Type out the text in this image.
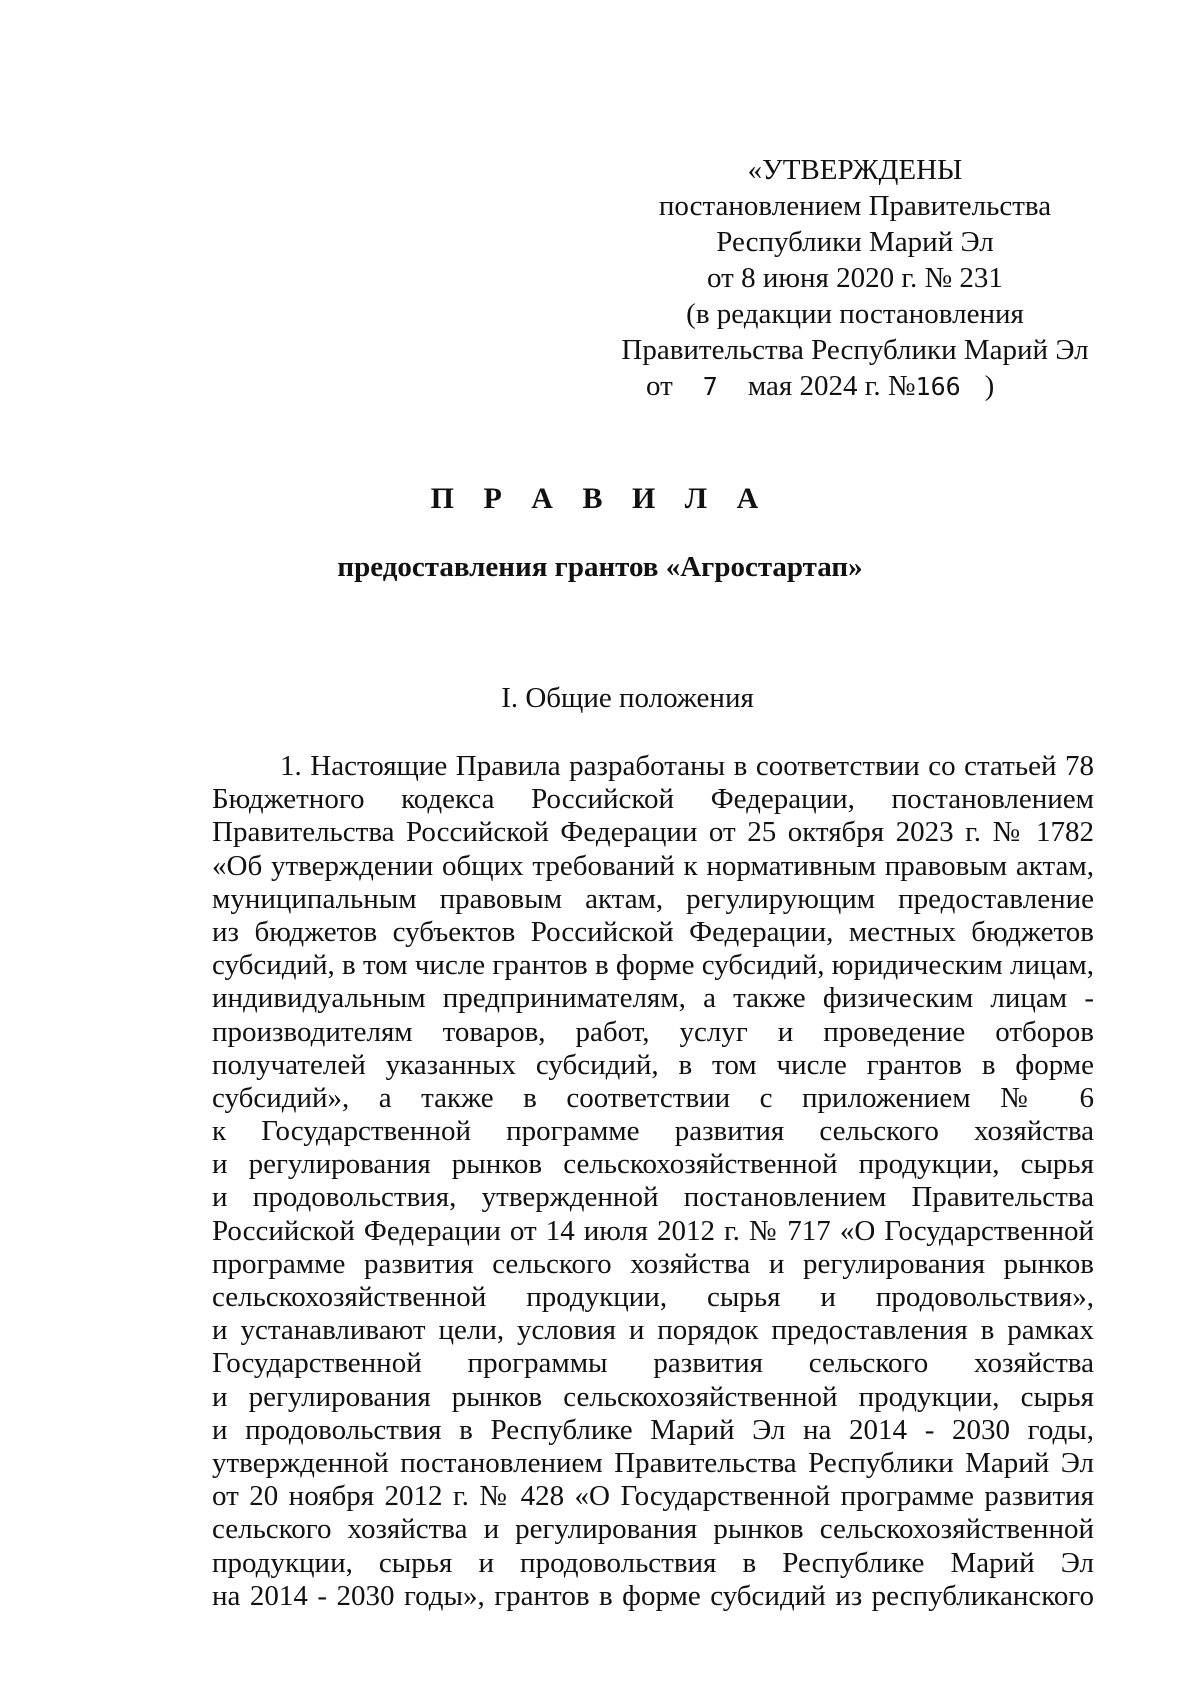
«УТВЕРЖДЕНЫ
постановлением Правительства
Республики Марий Эл
от 8 июня 2020 г. № 231
(в редакции постановления
Правительства Республики Марий Эл
от 7 мая 2024 г. №166 )
П Р А В И Л А
предоставления грантов «Агростартап»
I. Общие положения
1. Настоящие Правила разработаны в соответствии со статьей 78
Бюджетного кодекса Российской Федерации, постановлением
Правительства Российской Федерации от 25 октября 2023 г. № 1782
«Об утверждении общих требований к нормативным правовым актам,
муниципальным правовым актам, регулирующим предоставление
из бюджетов субъектов Российской Федерации, местных бюджетов
субсидий, в том числе грантов в форме субсидий, юридическим лицам,
индивидуальным предпринимателям, а также физическим лицам -
производителям товаров, работ, услуг и проведение отборов
получателей указанных субсидий, в том числе грантов в форме
субсидий», а также в соответствии с приложением № 6
к Государственной программе развития сельского хозяйства
и регулирования рынков сельскохозяйственной продукции, сырья
и продовольствия, утвержденной постановлением Правительства
Российской Федерации от 14 июля 2012 г. № 717 «О Государственной
программе развития сельского хозяйства и регулирования рынков
сельскохозяйственной продукции, сырья и продовольствия»,
и устанавливают цели, условия и порядок предоставления в рамках
Государственной программы развития сельского хозяйства
и регулирования рынков сельскохозяйственной продукции, сырья
и продовольствия в Республике Марий Эл на 2014 - 2030 годы,
утвержденной постановлением Правительства Республики Марий Эл
от 20 ноября 2012 г. № 428 «О Государственной программе развития
сельского хозяйства и регулирования рынков сельскохозяйственной
продукции, сырья и продовольствия в Республике Марий Эл
на 2014 - 2030 годы», грантов в форме субсидий из республиканского
